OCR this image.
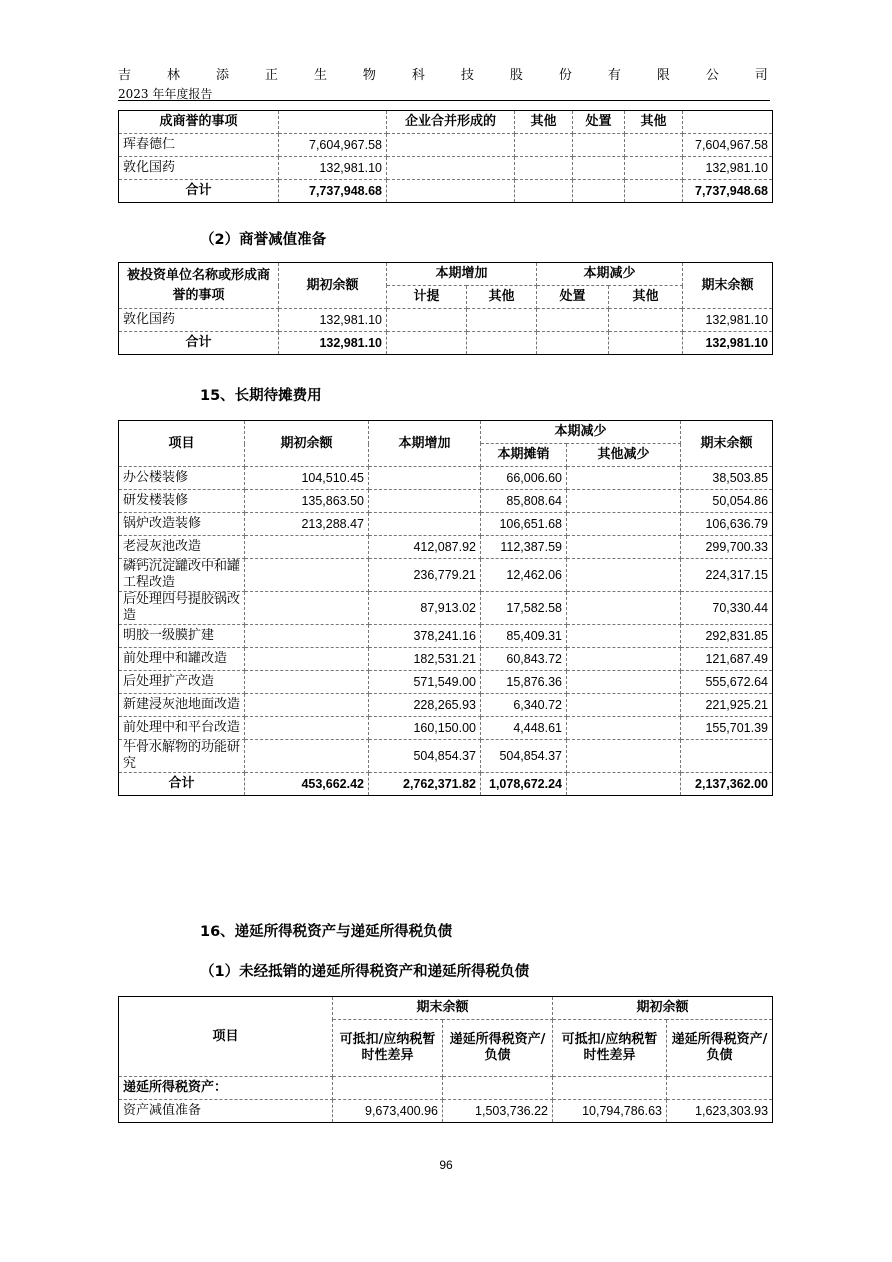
吉	林	添	正	生	物	科	技	股	份	有	限	公	司
2023 年年度报告
成商誉的事项		企业合并形成的	其他	处置	其他	
珲春德仁	7,604,967.58					7,604,967.58
敦化国药	132,981.10					132,981.10
合计	7,737,948.68					7,737,948.68
（2）商誉减值准备
被投资单位名称或形成商誉的事项	期初余额	本期增加		本期减少		期末余额
		计提	其他	处置	其他	
敦化国药	132,981.10					132,981.10
合计	132,981.10					132,981.10
15、长期待摊费用
项目	期初余额	本期增加	本期减少		期末余额
			本期摊销	其他减少	
办公楼装修	104,510.45		66,006.60		38,503.85
研发楼装修	135,863.50		85,808.64		50,054.86
锅炉改造装修	213,288.47		106,651.68		106,636.79
老浸灰池改造		412,087.92	112,387.59		299,700.33
磷钙沉淀罐改中和罐工程改造		236,779.21	12,462.06		224,317.15
后处理四号提胶锅改造		87,913.02	17,582.58		70,330.44
明胶一级膜扩建		378,241.16	85,409.31		292,831.85
前处理中和罐改造		182,531.21	60,843.72		121,687.49
后处理扩产改造		571,549.00	15,876.36		555,672.64
新建浸灰池地面改造		228,265.93	6,340.72		221,925.21
前处理中和平台改造		160,150.00	4,448.61		155,701.39
牛骨水解物的功能研究		504,854.37	504,854.37		
合计	453,662.42	2,762,371.82	1,078,672.24		2,137,362.00
16、递延所得税资产与递延所得税负债
（1）未经抵销的递延所得税资产和递延所得税负债
项目	期末余额		期初余额	
	可抵扣/应纳税暂时性差异	递延所得税资产/负债	可抵扣/应纳税暂时性差异	递延所得税资产/负债
递延所得税资产：				
资产减值准备	9,673,400.96	1,503,736.22	10,794,786.63	1,623,303.93
96
